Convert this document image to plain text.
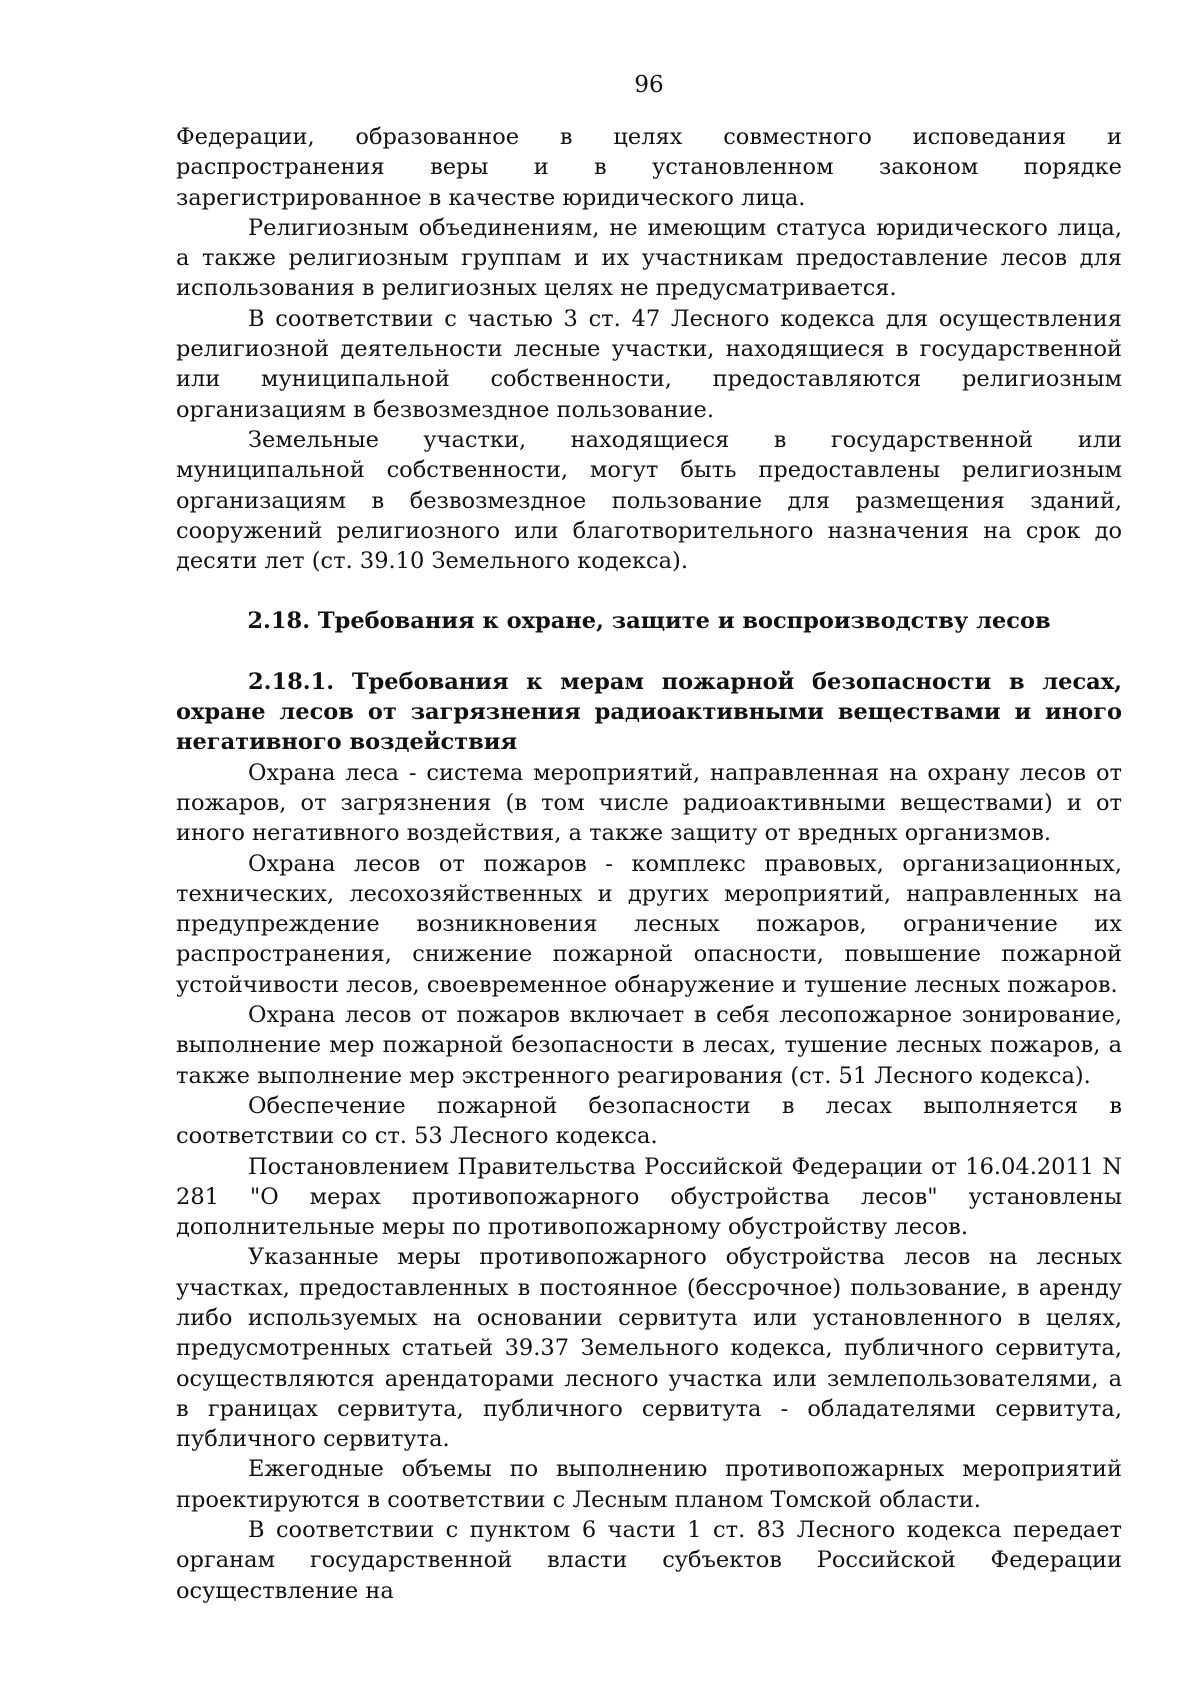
96

Федерации, образованное в целях совместного исповедания и распространения веры и в установленном законом порядке зарегистрированное в качестве юридического лица.

Религиозным объединениям, не имеющим статуса юридического лица, а также религиозным группам и их участникам предоставление лесов для использования в религиозных целях не предусматривается.

В соответствии с частью 3 ст. 47 Лесного кодекса для осуществления религиозной деятельности лесные участки, находящиеся в государственной или муниципальной собственности, предоставляются религиозным организациям в безвозмездное пользование.

Земельные участки, находящиеся в государственной или муниципальной собственности, могут быть предоставлены религиозным организациям в безвозмездное пользование для размещения зданий, сооружений религиозного или благотворительного назначения на срок до десяти лет (ст. 39.10 Земельного кодекса).

2.18. Требования к охране, защите и воспроизводству лесов
2.18.1. Требования к мерам пожарной безопасности в лесах, охране лесов от загрязнения радиоактивными веществами и иного негативного воздействия

Охрана леса - система мероприятий, направленная на охрану лесов от пожаров, от загрязнения (в том числе радиоактивными веществами) и от иного негативного воздействия, а также защиту от вредных организмов.

Охрана лесов от пожаров - комплекс правовых, организационных, технических, лесохозяйственных и других мероприятий, направленных на предупреждение возникновения лесных пожаров, ограничение их распространения, снижение пожарной опасности, повышение пожарной устойчивости лесов, своевременное обнаружение и тушение лесных пожаров.

Охрана лесов от пожаров включает в себя лесопожарное зонирование, выполнение мер пожарной безопасности в лесах, тушение лесных пожаров, а также выполнение мер экстренного реагирования (ст. 51 Лесного кодекса).

Обеспечение пожарной безопасности в лесах выполняется в соответствии со ст. 53 Лесного кодекса.

Постановлением Правительства Российской Федерации от 16.04.2011 N 281 "О мерах противопожарного обустройства лесов" установлены дополнительные меры по противопожарному обустройству лесов.

Указанные меры противопожарного обустройства лесов на лесных участках, предоставленных в постоянное (бессрочное) пользование, в аренду либо используемых на основании сервитута или установленного в целях, предусмотренных статьей 39.37 Земельного кодекса, публичного сервитута, осуществляются арендаторами лесного участка или землепользователями, а в границах сервитута, публичного сервитута - обладателями сервитута, публичного сервитута.

Ежегодные объемы по выполнению противопожарных мероприятий проектируются в соответствии с Лесным планом Томской области.

В соответствии с пунктом 6 части 1 ст. 83 Лесного кодекса передает органам государственной власти субъектов Российской Федерации осуществление на
